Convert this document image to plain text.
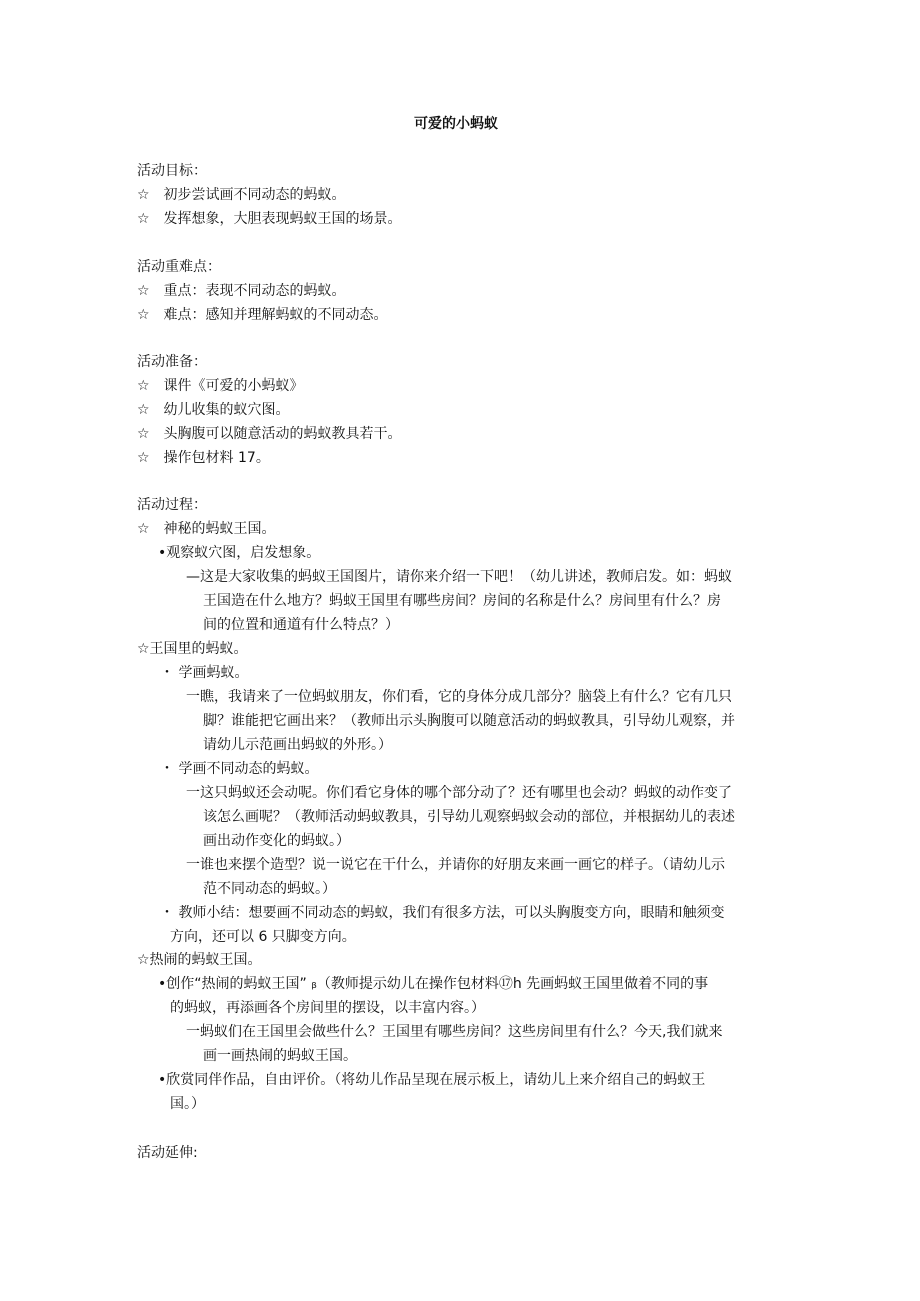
可爱的小蚂蚁
活动目标：
☆　初步尝试画不同动态的蚂蚁。
☆　发挥想象，大胆表现蚂蚁王国的场景。
活动重难点：
☆　重点：表现不同动态的蚂蚁。
☆　难点：感知并理解蚂蚁的不同动态。
活动准备：
☆　课件《可爱的小蚂蚁》
☆　幼儿收集的蚁穴图。
☆　头胸腹可以随意活动的蚂蚁教具若干。
☆　操作包材料 17。
活动过程：
☆　神秘的蚂蚁王国。
•观察蚁穴图，启发想象。
—这是大家收集的蚂蚁王国图片，请你来介绍一下吧！（幼儿讲述，教师启发。如：蚂蚁
王国造在什么地方？蚂蚁王国里有哪些房间？房间的名称是什么？房间里有什么？房
间的位置和通道有什么特点？）
☆王国里的蚂蚁。
・ 学画蚂蚁。
一瞧，我请来了一位蚂蚁朋友，你们看，它的身体分成几部分？脑袋上有什么？它有几只
脚？谁能把它画出来？（教师出示头胸腹可以随意活动的蚂蚁教具，引导幼儿观察，并
请幼儿示范画出蚂蚁的外形。）
・ 学画不同动态的蚂蚁。
一这只蚂蚁还会动呢。你们看它身体的哪个部分动了？还有哪里也会动？蚂蚁的动作变了
该怎么画呢？（教师活动蚂蚁教具，引导幼儿观察蚂蚁会动的部位，并根据幼儿的表述
画出动作变化的蚂蚁。）
一谁也来摆个造型？说一说它在干什么，并请你的好朋友来画一画它的样子。（请幼儿示
范不同动态的蚂蚁。）
・ 教师小结：想要画不同动态的蚂蚁，我们有很多方法，可以头胸腹变方向，眼睛和触须变
方向，还可以 6 只脚变方向。
☆热闹的蚂蚁王国。
•创作“热闹的蚂蚁王国” ᵦ（教师提示幼儿在操作包材料⑰h 先画蚂蚁王国里做着不同的事
的蚂蚁，再添画各个房间里的摆设，以丰富内容。）
一蚂蚁们在王国里会做些什么？王国里有哪些房间？这些房间里有什么？今天,我们就来
画一画热闹的蚂蚁王国。
•欣赏同伴作品，自由评价。（将幼儿作品呈现在展示板上，请幼儿上来介绍自己的蚂蚁王
国。）
活动延伸:
